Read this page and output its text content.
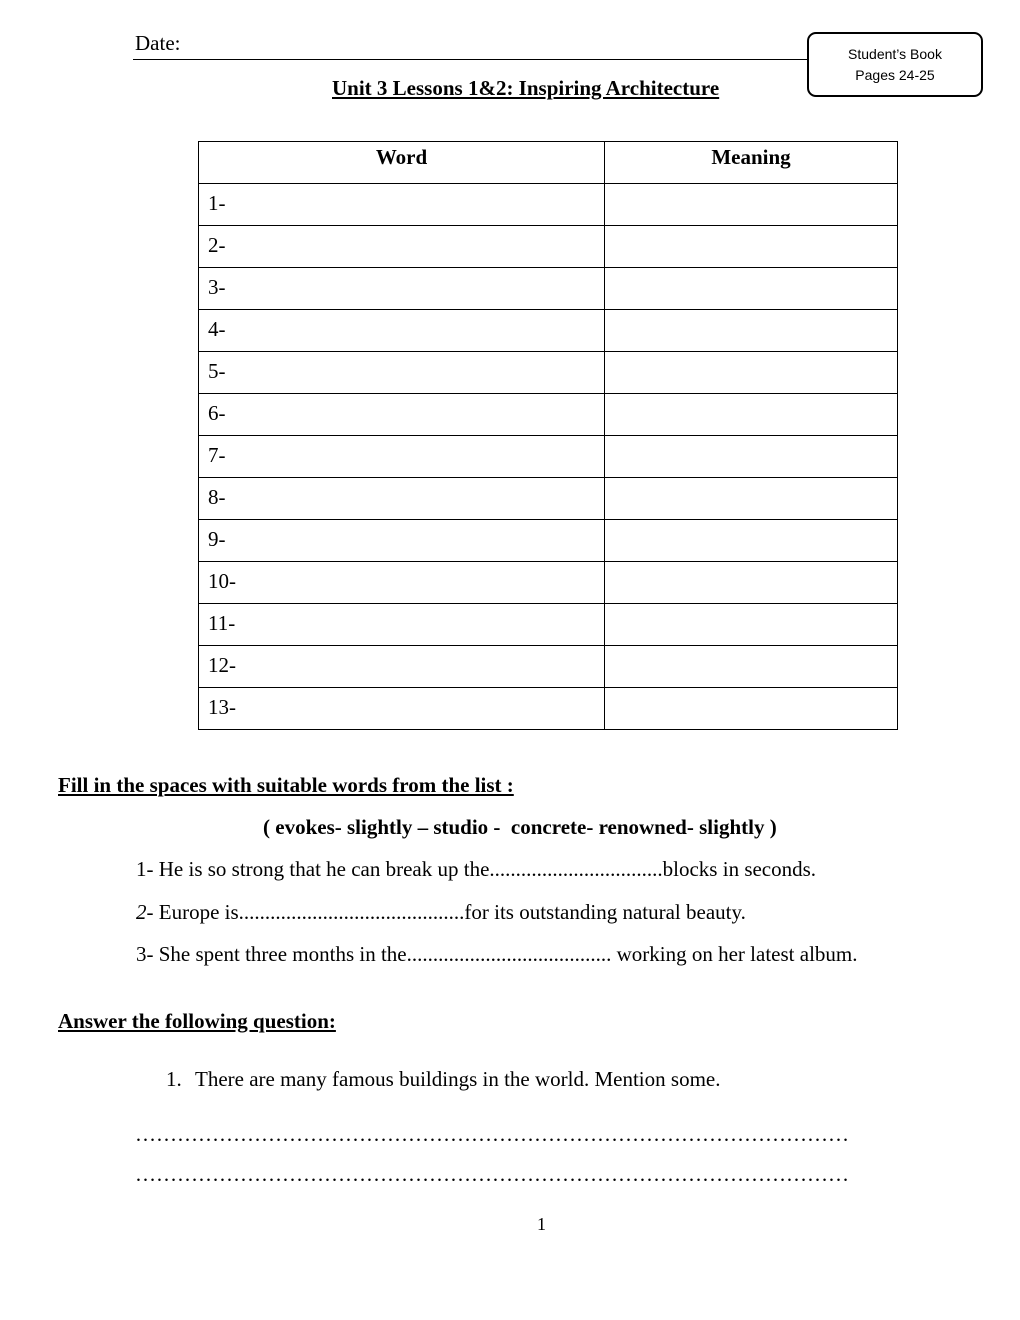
Date:	Student’s Book
Pages 24-25
Unit 3 Lessons 1&2: Inspiring Architecture
Word	Meaning
1-	
2-	
3-	
4-	
5-	
6-	
7-	
8-	
9-	
10-	
11-	
12-	
13-	
Fill in the spaces with suitable words from the list :
( evokes- slightly – studio -  concrete- renowned- slightly )
1- He is so strong that he can break up the.................................blocks in seconds.
2- Europe is...........................................for its outstanding natural beauty.
3- She spent three months in the....................................... working on her latest album.
Answer the following question:
1. There are many famous buildings in the world. Mention some.
…………………………………………………………………………………………
…………………………………………………………………………………………
1
